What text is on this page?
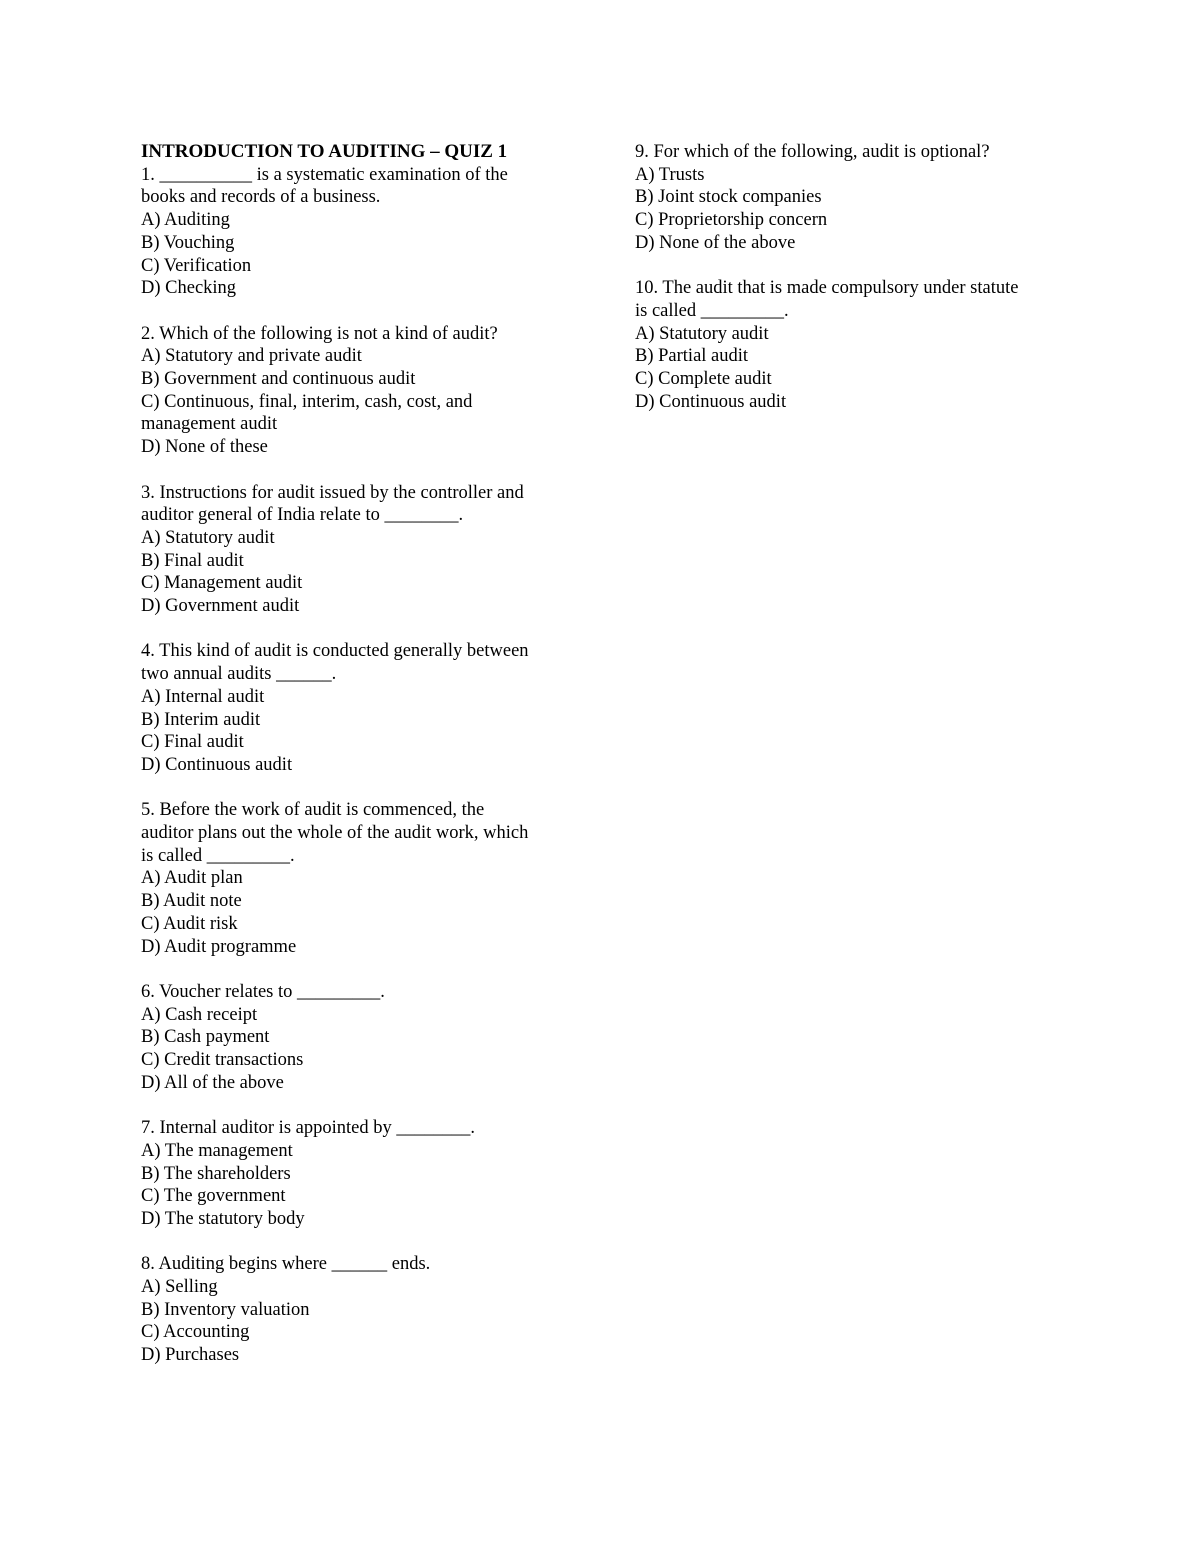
INTRODUCTION TO AUDITING – QUIZ 1

1. __________ is a systematic examination of the

books and records of a business.

A) Auditing

B) Vouching

C) Verification

D) Checking

2. Which of the following is not a kind of audit?

A) Statutory and private audit

B) Government and continuous audit

C) Continuous, final, interim, cash, cost, and

management audit

D) None of these

3. Instructions for audit issued by the controller and

auditor general of India relate to ________.

A) Statutory audit

B) Final audit

C) Management audit

D) Government audit

4. This kind of audit is conducted generally between

two annual audits ______.

A) Internal audit

B) Interim audit

C) Final audit

D) Continuous audit

5. Before the work of audit is commenced, the

auditor plans out the whole of the audit work, which

is called _________.

A) Audit plan

B) Audit note

C) Audit risk

D) Audit programme

6. Voucher relates to _________.

A) Cash receipt

B) Cash payment

C) Credit transactions

D) All of the above

7. Internal auditor is appointed by ________.

A) The management

B) The shareholders

C) The government

D) The statutory body

8. Auditing begins where ______ ends.

A) Selling

B) Inventory valuation

C) Accounting

D) Purchases

9. For which of the following, audit is optional?

A) Trusts

B) Joint stock companies

C) Proprietorship concern

D) None of the above

10. The audit that is made compulsory under statute

is called _________.

A) Statutory audit

B) Partial audit

C) Complete audit

D) Continuous audit
